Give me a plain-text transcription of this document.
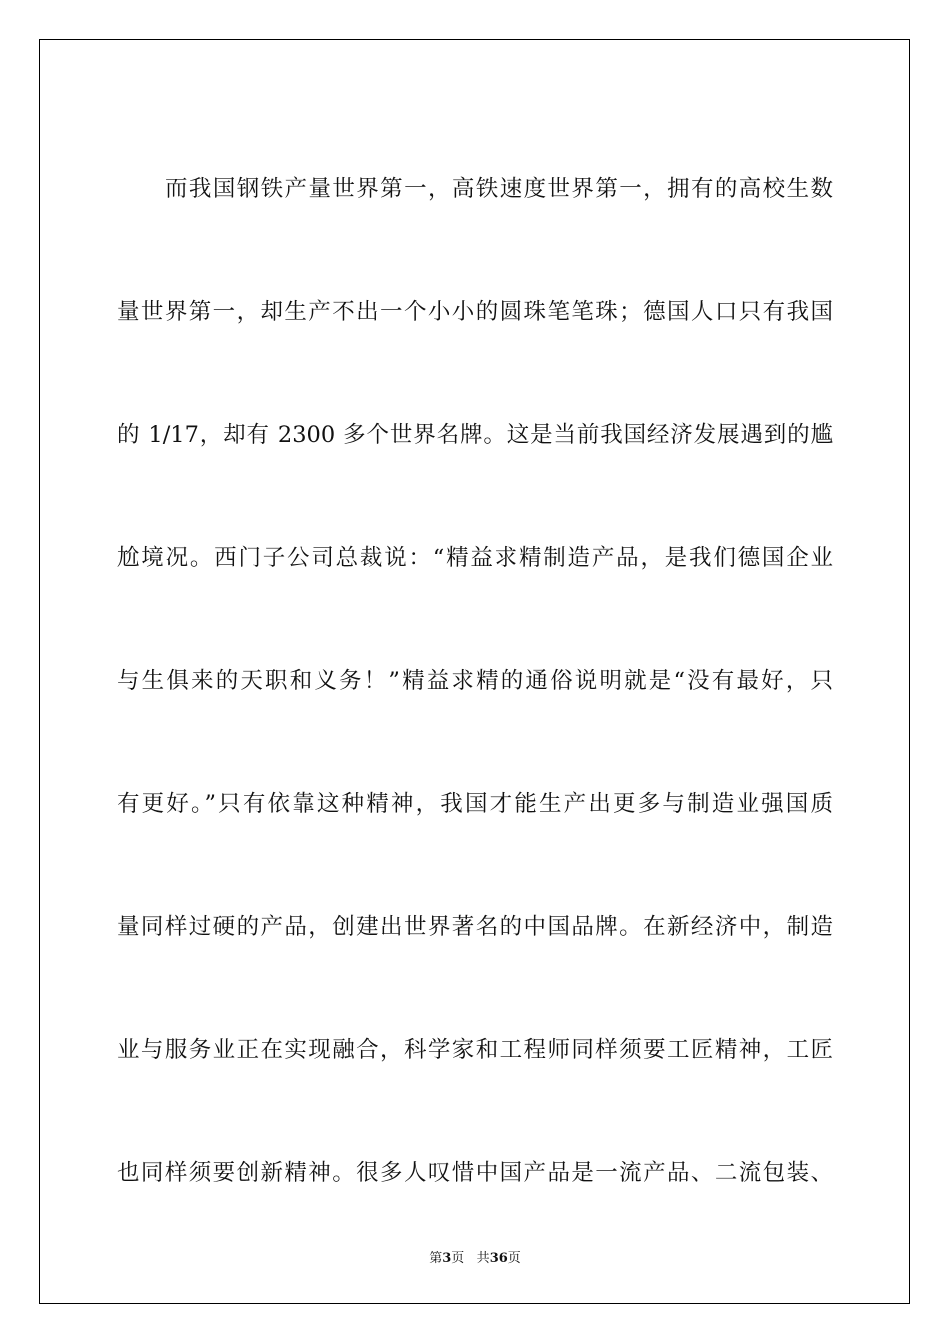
而我国钢铁产量世界第一，高铁速度世界第一，拥有的高校生数
量世界第一，却生产不出一个小小的圆珠笔笔珠；德国人口只有我国
的 1/17，却有 2300 多个世界名牌。这是当前我国经济发展遇到的尴
尬境况。西门子公司总裁说：“精益求精制造产品，是我们德国企业
与生俱来的天职和义务！”精益求精的通俗说明就是“没有最好，只
有更好。”只有依靠这种精神，我国才能生产出更多与制造业强国质
量同样过硬的产品，创建出世界著名的中国品牌。在新经济中，制造
业与服务业正在实现融合，科学家和工程师同样须要工匠精神，工匠
也同样须要创新精神。很多人叹惜中国产品是一流产品、二流包装、
第3页 共36页
